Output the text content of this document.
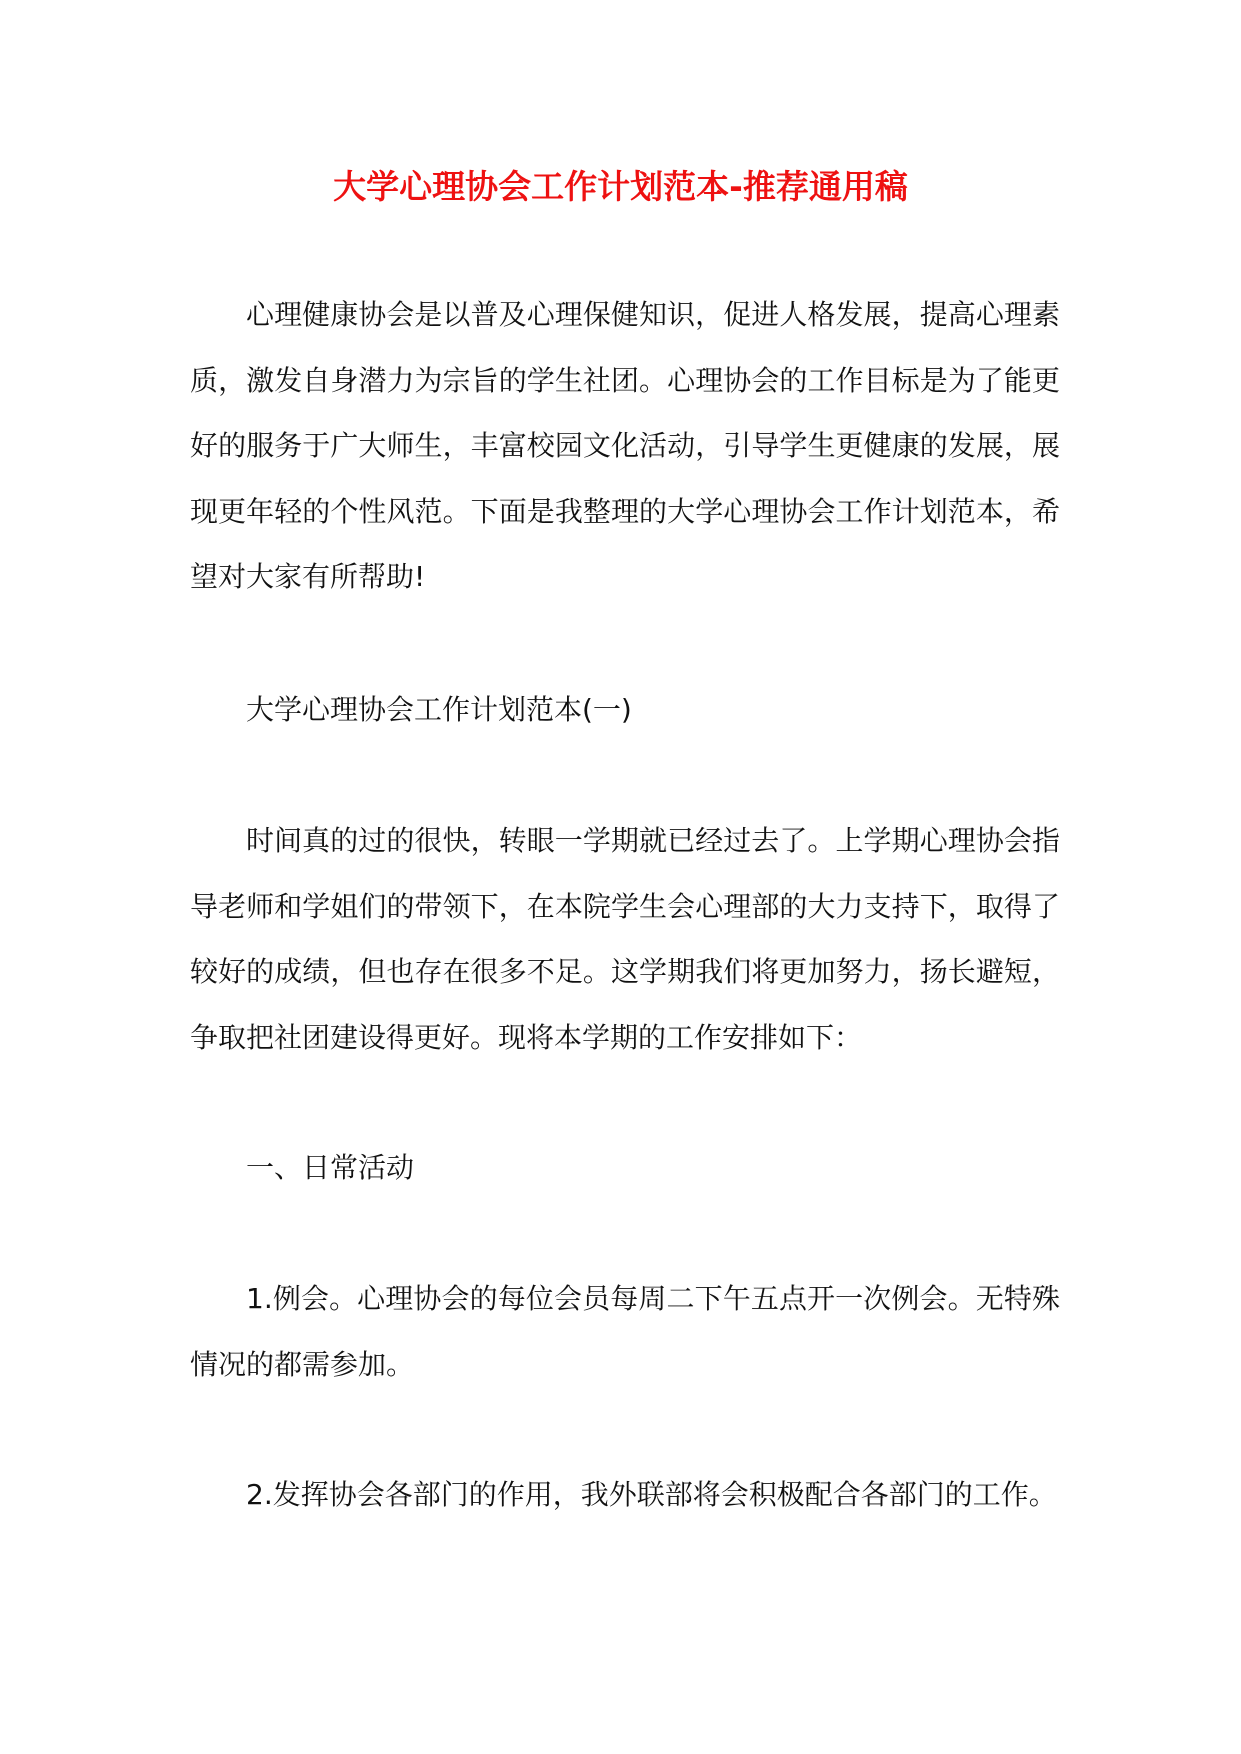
大学心理协会工作计划范本-推荐通用稿
心理健康协会是以普及心理保健知识，促进人格发展，提高心理素质，激发自身潜力为宗旨的学生社团。心理协会的工作目标是为了能更好的服务于广大师生，丰富校园文化活动，引导学生更健康的发展，展现更年轻的个性风范。下面是我整理的大学心理协会工作计划范本，希望对大家有所帮助!
大学心理协会工作计划范本(一)
时间真的过的很快，转眼一学期就已经过去了。上学期心理协会指导老师和学姐们的带领下，在本院学生会心理部的大力支持下，取得了较好的成绩，但也存在很多不足。这学期我们将更加努力，扬长避短，争取把社团建设得更好。现将本学期的工作安排如下：
一、日常活动
1.例会。心理协会的每位会员每周二下午五点开一次例会。无特殊情况的都需参加。
2.发挥协会各部门的作用，我外联部将会积极配合各部门的工作。
